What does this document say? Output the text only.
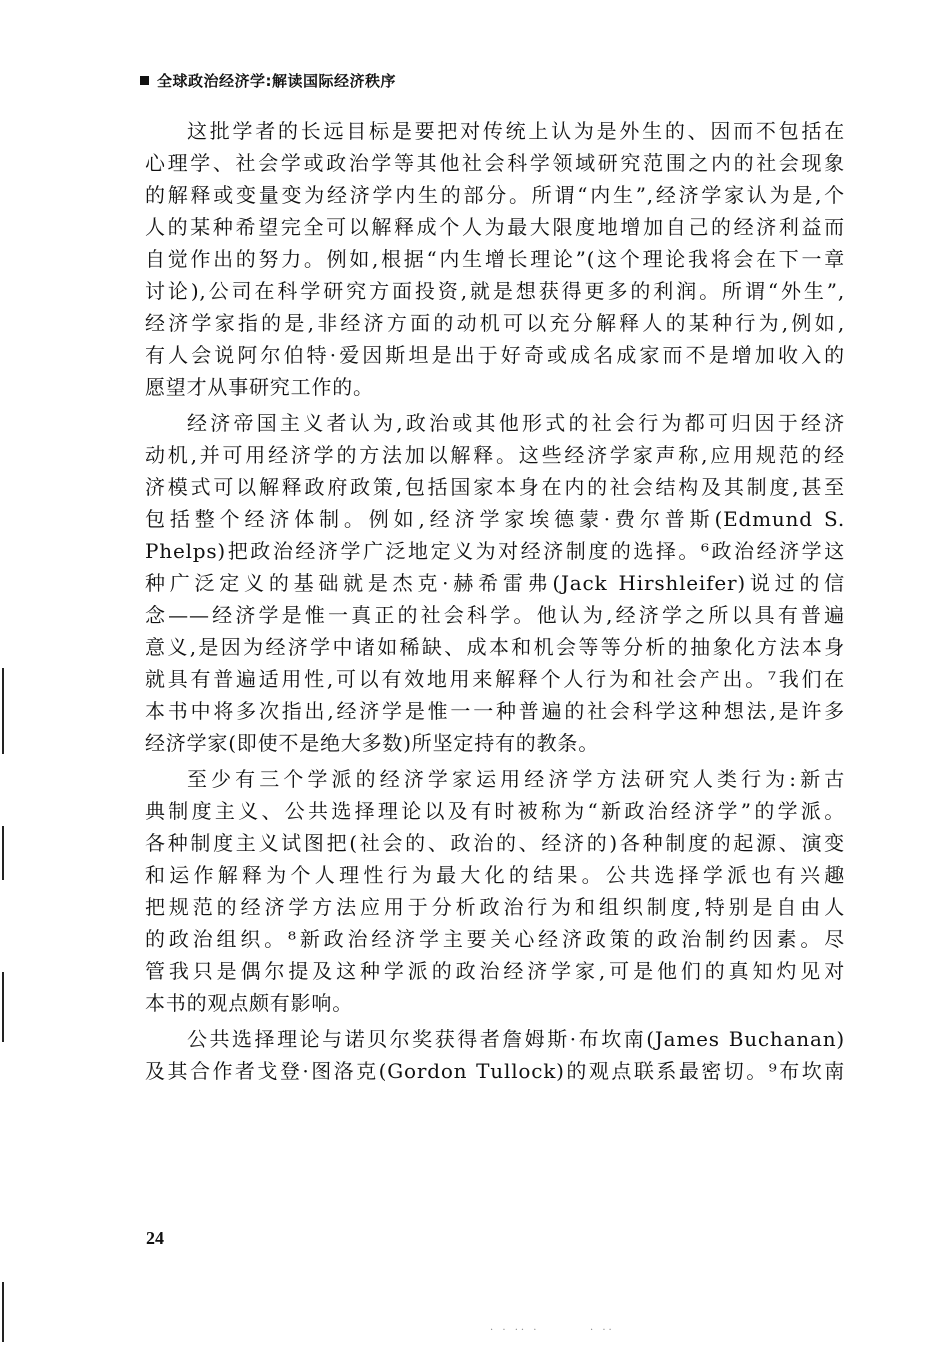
全球政治经济学:解读国际经济秩序
这批学者的长远目标是要把对传统上认为是外生的、因而不包括在
心理学、社会学或政治学等其他社会科学领域研究范围之内的社会现象
的解释或变量变为经济学内生的部分。所谓“内生”,经济学家认为是,个
人的某种希望完全可以解释成个人为最大限度地增加自己的经济利益而
自觉作出的努力。例如,根据“内生增长理论”(这个理论我将会在下一章
讨论),公司在科学研究方面投资,就是想获得更多的利润。所谓“外生”,
经济学家指的是,非经济方面的动机可以充分解释人的某种行为,例如,
有人会说阿尔伯特·爱因斯坦是出于好奇或成名成家而不是增加收入的
愿望才从事研究工作的。
经济帝国主义者认为,政治或其他形式的社会行为都可归因于经济
动机,并可用经济学的方法加以解释。这些经济学家声称,应用规范的经
济模式可以解释政府政策,包括国家本身在内的社会结构及其制度,甚至
包括整个经济体制。例如,经济学家埃德蒙·费尔普斯(Edmund S.
Phelps)把政治经济学广泛地定义为对经济制度的选择。⁶政治经济学这
种广泛定义的基础就是杰克·赫希雷弗(Jack Hirshleifer)说过的信
念——经济学是惟一真正的社会科学。他认为,经济学之所以具有普遍
意义,是因为经济学中诸如稀缺、成本和机会等等分析的抽象化方法本身
就具有普遍适用性,可以有效地用来解释个人行为和社会产出。⁷我们在
本书中将多次指出,经济学是惟一一种普遍的社会科学这种想法,是许多
经济学家(即使不是绝大多数)所坚定持有的教条。
至少有三个学派的经济学家运用经济学方法研究人类行为:新古
典制度主义、公共选择理论以及有时被称为“新政治经济学”的学派。
各种制度主义试图把(社会的、政治的、经济的)各种制度的起源、演变
和运作解释为个人理性行为最大化的结果。公共选择学派也有兴趣
把规范的经济学方法应用于分析政治行为和组织制度,特别是自由人
的政治组织。⁸新政治经济学主要关心经济政策的政治制约因素。尽
管我只是偶尔提及这种学派的政治经济学家,可是他们的真知灼见对
本书的观点颇有影响。
公共选择理论与诺贝尔奖获得者詹姆斯·布坎南(James Buchanan)
及其合作者戈登·图洛克(Gordon Tullock)的观点联系最密切。⁹布坎南
24
. . .. .	. ..
